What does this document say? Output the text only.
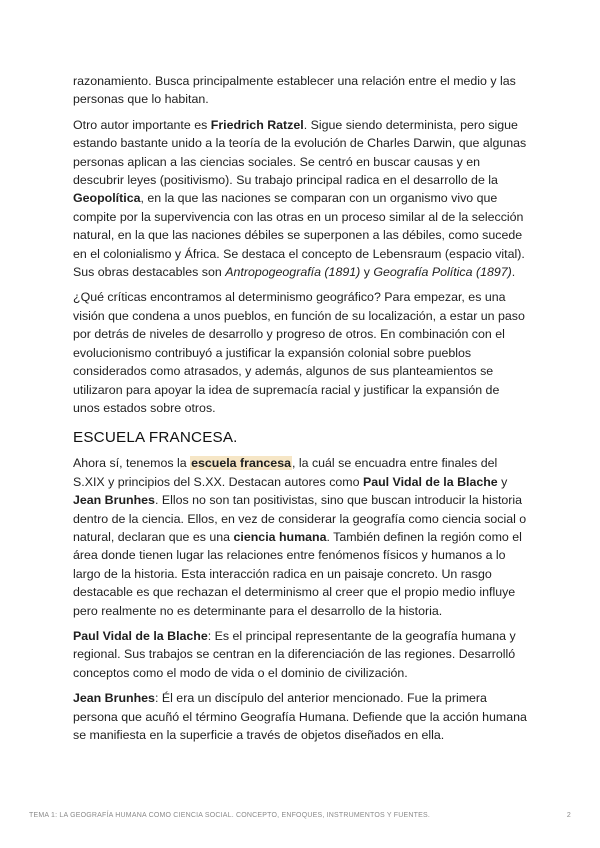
razonamiento. Busca principalmente establecer una relación entre el medio y las personas que lo habitan.

Otro autor importante es Friedrich Ratzel. Sigue siendo determinista, pero sigue estando bastante unido a la teoría de la evolución de Charles Darwin, que algunas personas aplican a las ciencias sociales. Se centró en buscar causas y en descubrir leyes (positivismo). Su trabajo principal radica en el desarrollo de la Geopolítica, en la que las naciones se comparan con un organismo vivo que compite por la supervivencia con las otras en un proceso similar al de la selección natural, en la que las naciones débiles se superponen a las débiles, como sucede en el colonialismo y África. Se destaca el concepto de Lebensraum (espacio vital). Sus obras destacables son Antropogeografía (1891) y Geografía Política (1897).

¿Qué críticas encontramos al determinismo geográfico? Para empezar, es una visión que condena a unos pueblos, en función de su localización, a estar un paso por detrás de niveles de desarrollo y progreso de otros. En combinación con el evolucionismo contribuyó a justificar la expansión colonial sobre pueblos considerados como atrasados, y además, algunos de sus planteamientos se utilizaron para apoyar la idea de supremacía racial y justificar la expansión de unos estados sobre otros.

ESCUELA FRANCESA.

Ahora sí, tenemos la escuela francesa, la cuál se encuadra entre finales del S.XIX y principios del S.XX. Destacan autores como Paul Vidal de la Blache y Jean Brunhes. Ellos no son tan positivistas, sino que buscan introducir la historia dentro de la ciencia. Ellos, en vez de considerar la geografía como ciencia social o natural, declaran que es una ciencia humana. También definen la región como el área donde tienen lugar las relaciones entre fenómenos físicos y humanos a lo largo de la historia. Esta interacción radica en un paisaje concreto. Un rasgo destacable es que rechazan el determinismo al creer que el propio medio influye pero realmente no es determinante para el desarrollo de la historia.

Paul Vidal de la Blache: Es el principal representante de la geografía humana y regional. Sus trabajos se centran en la diferenciación de las regiones. Desarrolló conceptos como el modo de vida o el dominio de civilización.

Jean Brunhes: Él era un discípulo del anterior mencionado. Fue la primera persona que acuñó el término Geografía Humana. Defiende que la acción humana se manifiesta en la superficie a través de objetos diseñados en ella.

TEMA 1: LA GEOGRAFÍA HUMANA COMO CIENCIA SOCIAL. CONCEPTO, ENFOQUES, INSTRUMENTOS Y FUENTES.	2
